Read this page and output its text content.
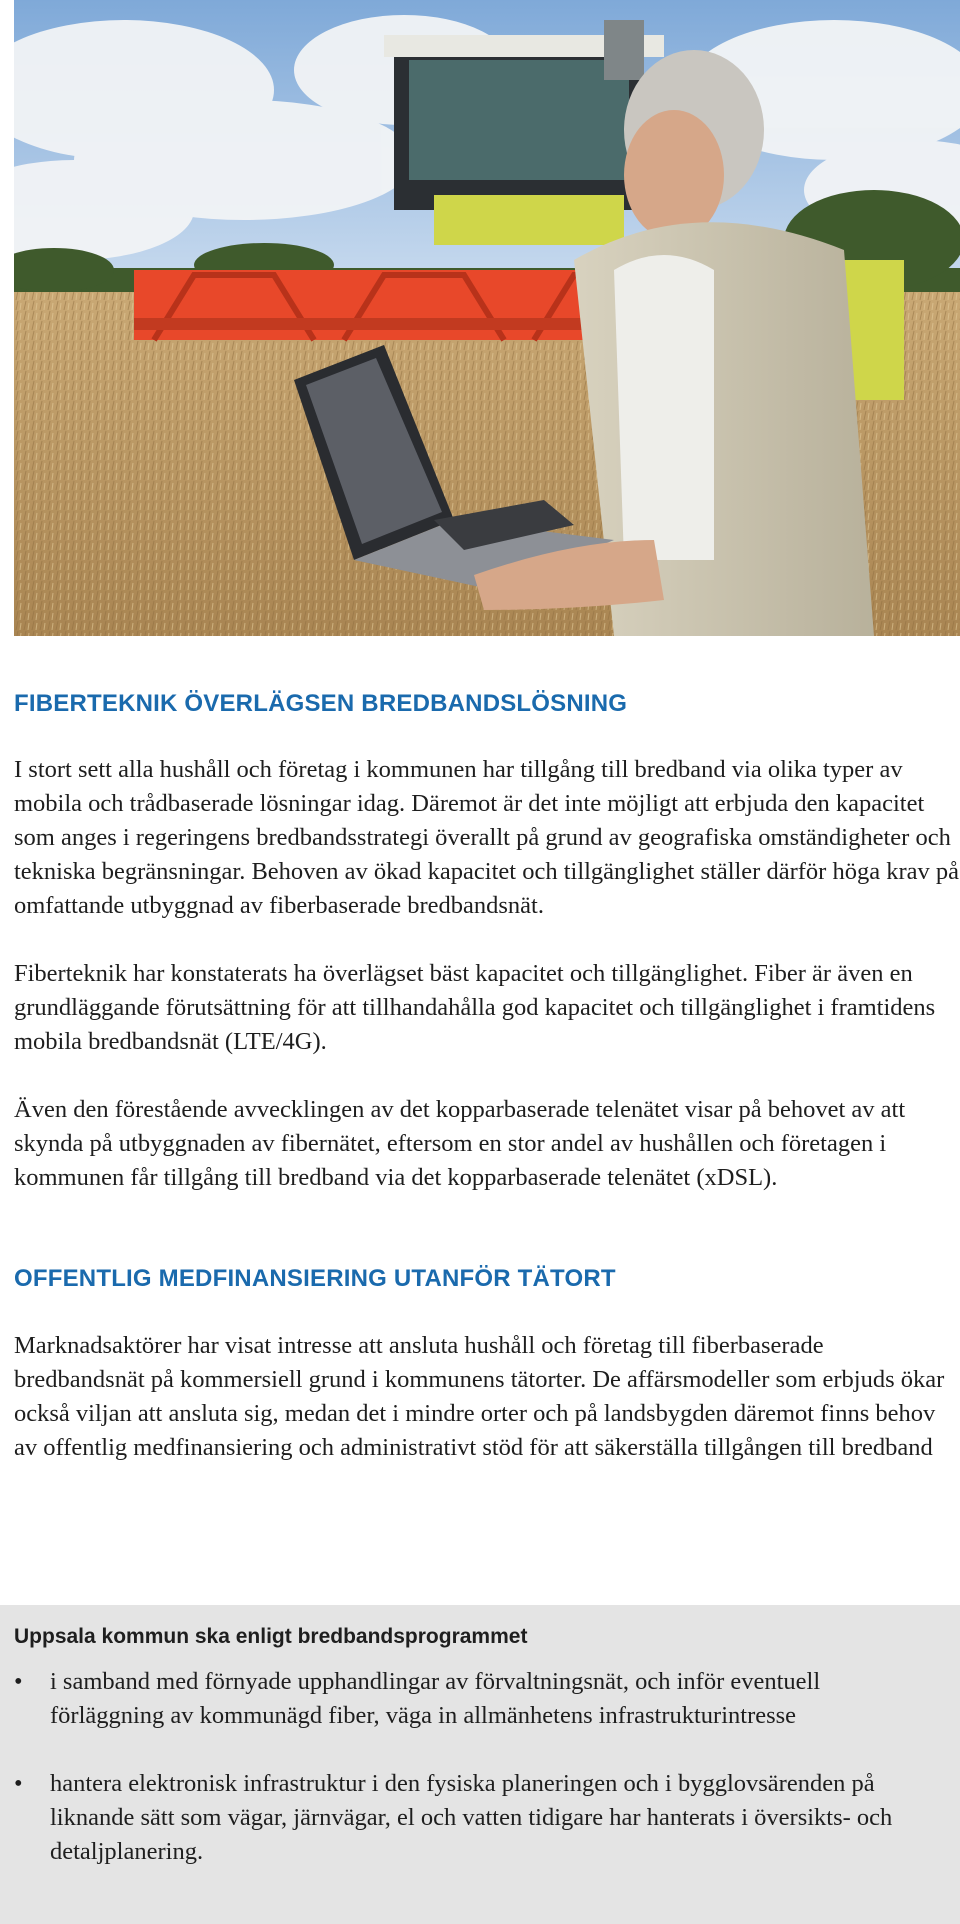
FIBERTEKNIK ÖVERLÄGSEN BREDBANDSLÖSNING

I stort sett alla hushåll och företag i kommunen har tillgång till bredband via olika typer av mobila och trådbaserade lösningar idag. Däremot är det inte möjligt att erbjuda den kapacitet som anges i regeringens bredbandsstrategi överallt på grund av geografiska omständigheter och tekniska begränsningar. Behoven av ökad kapacitet och tillgänglighet ställer därför höga krav på omfattande utbyggnad av fiberbaserade bredbandsnät.

Fiberteknik har konstaterats ha överlägset bäst kapacitet och tillgänglighet. Fiber är även en grundläggande förutsättning för att tillhandahålla god kapacitet och tillgänglighet i framtidens mobila bredbandsnät (LTE/4G).

Även den förestående avvecklingen av det kopparbaserade telenätet visar på behovet av att skynda på utbyggnaden av fibernätet, eftersom en stor andel av hushållen och företagen i kommunen får tillgång till bredband via det kopparbaserade telenätet (xDSL).

OFFENTLIG MEDFINANSIERING UTANFÖR TÄTORT

Marknadsaktörer har visat intresse att ansluta hushåll och företag till fiberbaserade bredbandsnät på kommersiell grund i kommunens tätorter. De affärsmodeller som erbjuds ökar också viljan att ansluta sig, medan det i mindre orter och på landsbygden däremot finns behov av offentlig medfinansiering och administrativt stöd för att säkerställa tillgången till bredband

Uppsala kommun ska enligt bredbandsprogrammet
•	i samband med förnyade upphandlingar av förvaltningsnät, och inför eventuell förläggning av kommunägd fiber, väga in allmänhetens infrastrukturintresse
•	hantera elektronisk infrastruktur i den fysiska planeringen och i bygglovsärenden på liknande sätt som vägar, järnvägar, el och vatten tidigare har hanterats i översikts- och detaljplanering.
